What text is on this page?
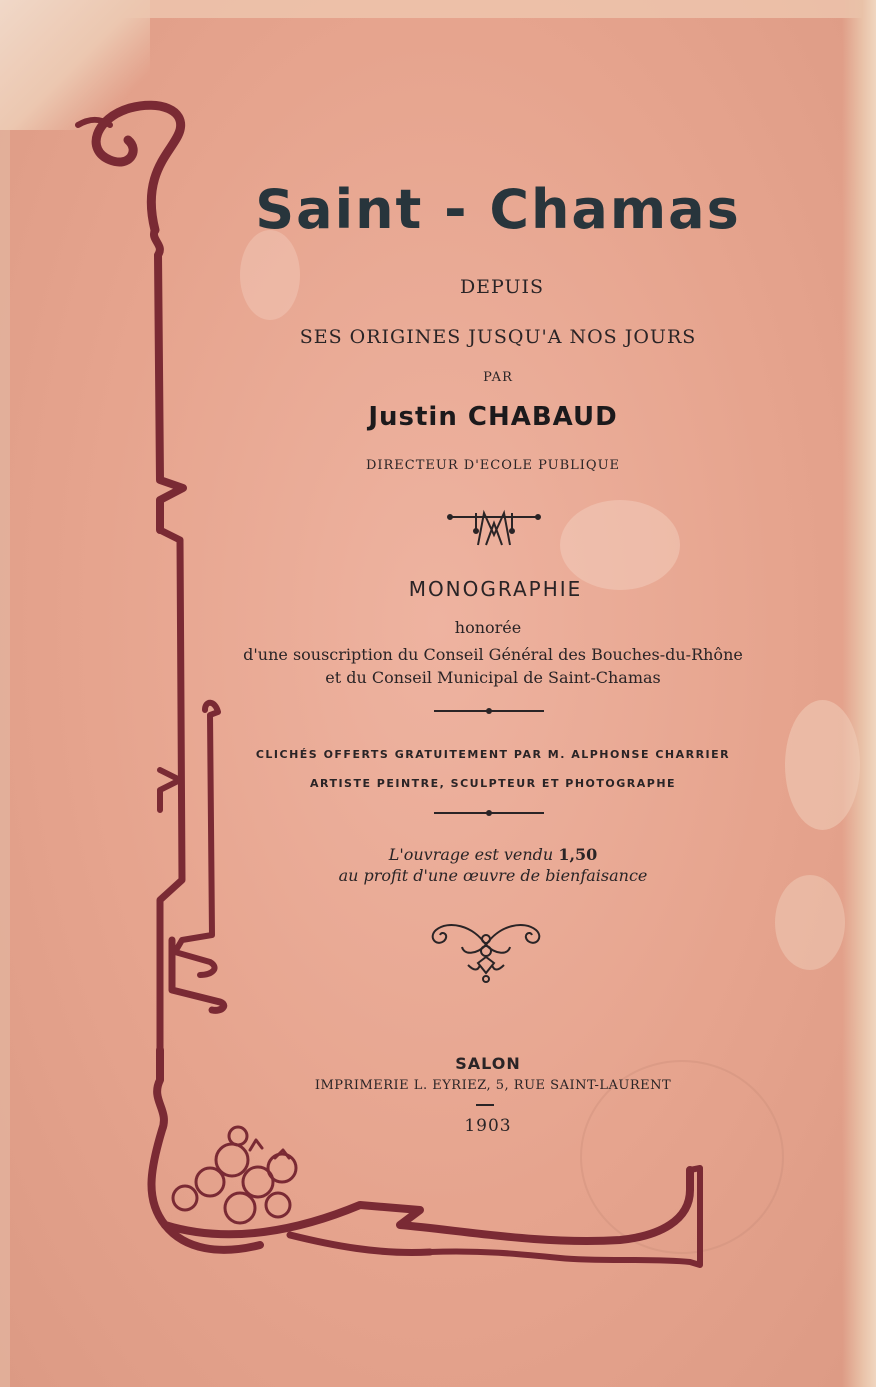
Saint - Chamas
DEPUIS
SES ORIGINES JUSQU'A NOS JOURS
PAR
Justin CHABAUD
DIRECTEUR D'ECOLE PUBLIQUE
MONOGRAPHIE
honorée
d'une souscription du Conseil Général des Bouches-du-Rhône
et du Conseil Municipal de Saint-Chamas
CLICHÉS OFFERTS GRATUITEMENT PAR M. ALPHONSE CHARRIER
ARTISTE PEINTRE, SCULPTEUR ET PHOTOGRAPHE
L'ouvrage est vendu 1,50
au profit d'une œuvre de bienfaisance
SALON
IMPRIMERIE L. EYRIEZ, 5, RUE SAINT-LAURENT
1903
